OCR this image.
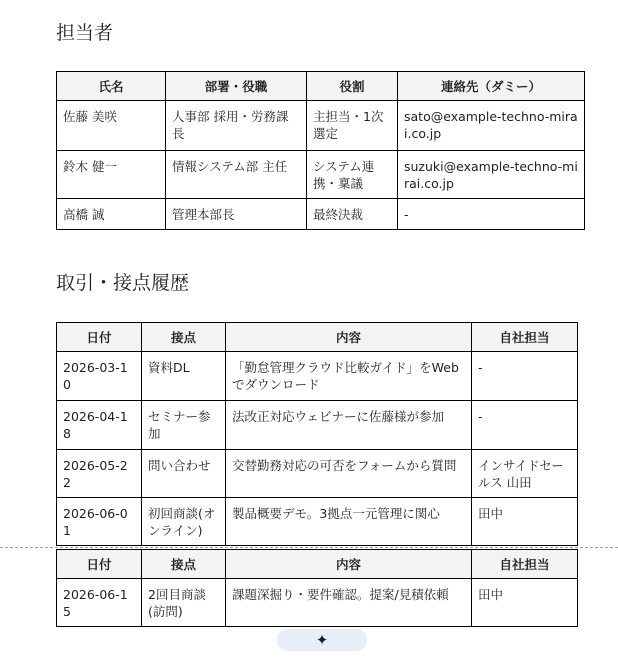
担当者
氏名	部署・役職	役割	連絡先（ダミー）
佐藤 美咲	人事部 採用・労務課長	主担当・1次選定	sato@example-techno-mirai.co.jp
鈴木 健一	情報システム部 主任	システム連携・稟議	suzuki@example-techno-mirai.co.jp
高橋 誠	管理本部長	最終決裁	-
取引・接点履歴
日付	接点	内容	自社担当
2026-03-10	資料DL	「勤怠管理クラウド比較ガイド」をWebでダウンロード	-
2026-04-18	セミナー参加	法改正対応ウェビナーに佐藤様が参加	-
2026-05-22	問い合わせ	交替勤務対応の可否をフォームから質問	インサイドセールス 山田
2026-06-01	初回商談(オンライン)	製品概要デモ。3拠点一元管理に関心	田中
日付	接点	内容	自社担当
2026-06-15	2回目商談(訪問)	課題深掘り・要件確認。提案/見積依頼	田中
✦
